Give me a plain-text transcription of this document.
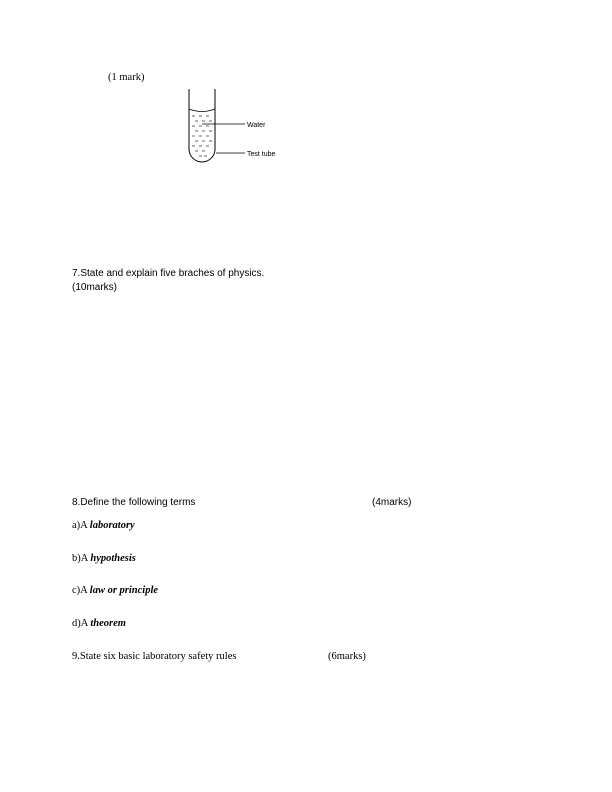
(1 mark)
Water
Test tube
7.State and explain five braches of physics.
(10marks)
8.Define the following terms	(4marks)
a)A laboratory
b)A hypothesis
c)A law or principle
d)A theorem
9.State six basic laboratory safety rules	(6marks)
